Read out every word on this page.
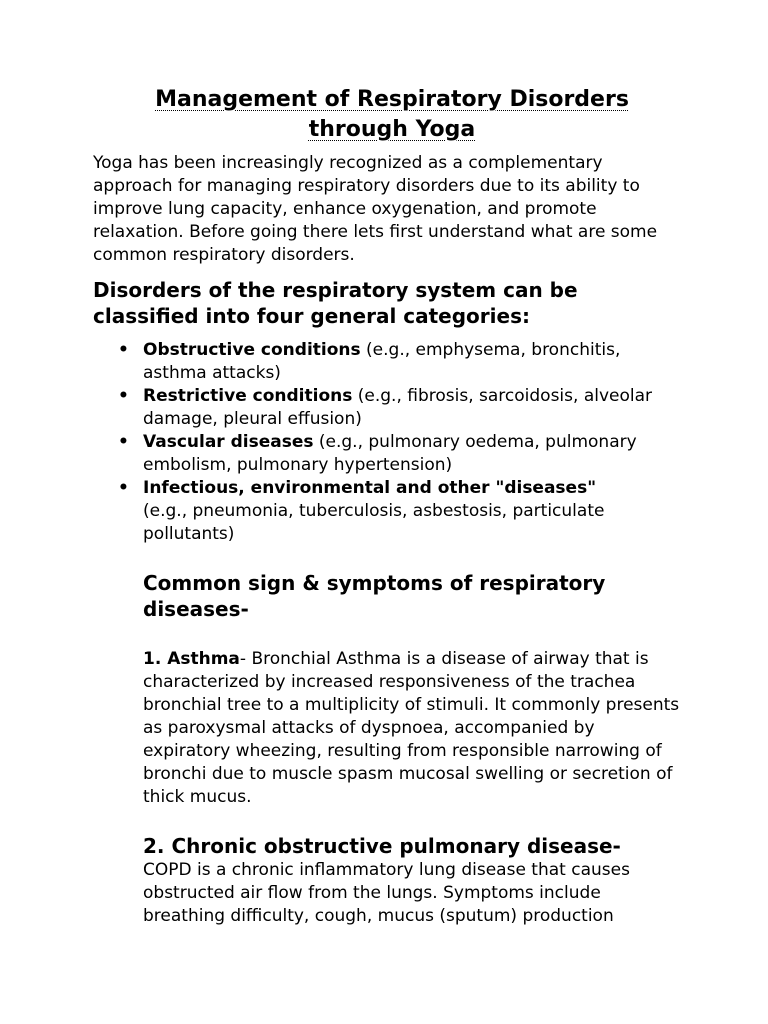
Management of Respiratory Disorders
through Yoga

Yoga has been increasingly recognized as a complementary approach for managing respiratory disorders due to its ability to improve lung capacity, enhance oxygenation, and promote relaxation. Before going there lets first understand what are some common respiratory disorders.

Disorders of the respiratory system can be classified into four general categories:
• Obstructive conditions (e.g., emphysema, bronchitis, asthma attacks)
• Restrictive conditions (e.g., fibrosis, sarcoidosis, alveolar damage, pleural effusion)
• Vascular diseases (e.g., pulmonary oedema, pulmonary embolism, pulmonary hypertension)
• Infectious, environmental and other "diseases"
(e.g., pneumonia, tuberculosis, asbestosis, particulate pollutants)
Common sign & symptoms of respiratory diseases-

1. Asthma- Bronchial Asthma is a disease of airway that is characterized by increased responsiveness of the trachea bronchial tree to a multiplicity of stimuli. It commonly presents as paroxysmal attacks of dyspnoea, accompanied by expiratory wheezing, resulting from responsible narrowing of bronchi due to muscle spasm mucosal swelling or secretion of thick mucus.

2. Chronic obstructive pulmonary disease-

COPD is a chronic inflammatory lung disease that causes obstructed air flow from the lungs. Symptoms include breathing difficulty, cough, mucus (sputum) production
